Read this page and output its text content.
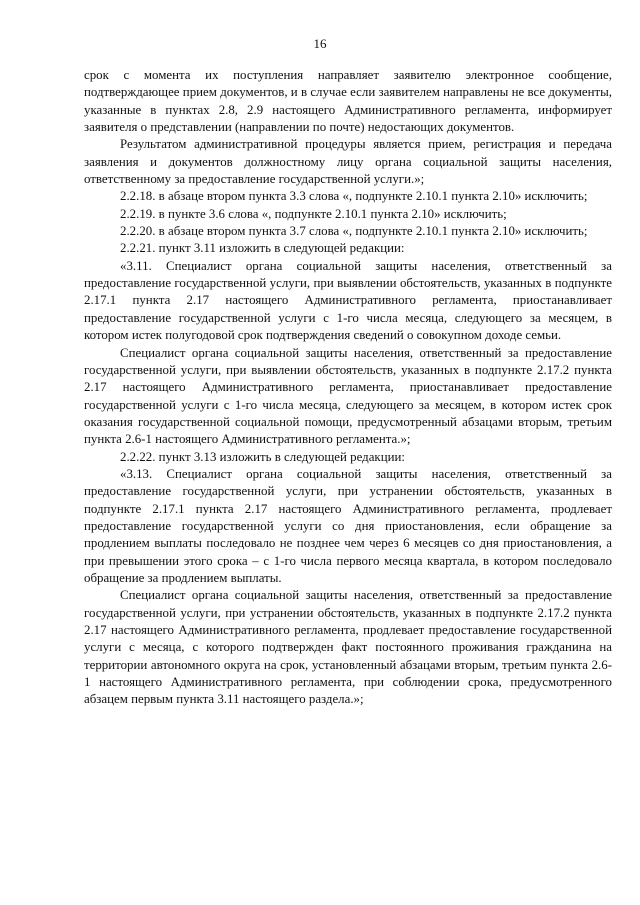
16

срок с момента их поступления направляет заявителю электронное сообщение, подтверждающее прием документов, и в случае если заявителем направлены не все документы, указанные в пунктах 2.8, 2.9 настоящего Административного регламента, информирует заявителя о представлении (направлении по почте) недостающих документов.

Результатом административной процедуры является прием, регистрация и передача заявления и документов должностному лицу органа социальной защиты населения, ответственному за предоставление государственной услуги.»;

2.2.18. в абзаце втором пункта 3.3 слова «, подпункте 2.10.1 пункта 2.10» исключить;

2.2.19. в пункте 3.6 слова «, подпункте 2.10.1 пункта 2.10» исключить;

2.2.20. в абзаце втором пункта 3.7 слова «, подпункте 2.10.1 пункта 2.10» исключить;

2.2.21. пункт 3.11 изложить в следующей редакции:

«3.11. Специалист органа социальной защиты населения, ответственный за предоставление государственной услуги, при выявлении обстоятельств, указанных в подпункте 2.17.1 пункта 2.17 настоящего Административного регламента, приостанавливает предоставление государственной услуги с 1-го числа месяца, следующего за месяцем, в котором истек полугодовой срок подтверждения сведений о совокупном доходе семьи.

Специалист органа социальной защиты населения, ответственный за предоставление государственной услуги, при выявлении обстоятельств, указанных в подпункте 2.17.2 пункта 2.17 настоящего Административного регламента, приостанавливает предоставление государственной услуги с 1-го числа месяца, следующего за месяцем, в котором истек срок оказания государственной социальной помощи, предусмотренный абзацами вторым, третьим пункта 2.6-1 настоящего Административного регламента.»;

2.2.22. пункт 3.13 изложить в следующей редакции:

«3.13. Специалист органа социальной защиты населения, ответственный за предоставление государственной услуги, при устранении обстоятельств, указанных в подпункте 2.17.1 пункта 2.17 настоящего Административного регламента, продлевает предоставление государственной услуги со дня приостановления, если обращение за продлением выплаты последовало не позднее чем через 6 месяцев со дня приостановления, а при превышении этого срока – с 1-го числа первого месяца квартала, в котором последовало обращение за продлением выплаты.

Специалист органа социальной защиты населения, ответственный за предоставление государственной услуги, при устранении обстоятельств, указанных в подпункте 2.17.2 пункта 2.17 настоящего Административного регламента, продлевает предоставление государственной услуги с месяца, с которого подтвержден факт постоянного проживания гражданина на территории автономного округа на срок, установленный абзацами вторым, третьим пункта 2.6-1 настоящего Административного регламента, при соблюдении срока, предусмотренного абзацем первым пункта 3.11 настоящего раздела.»;
